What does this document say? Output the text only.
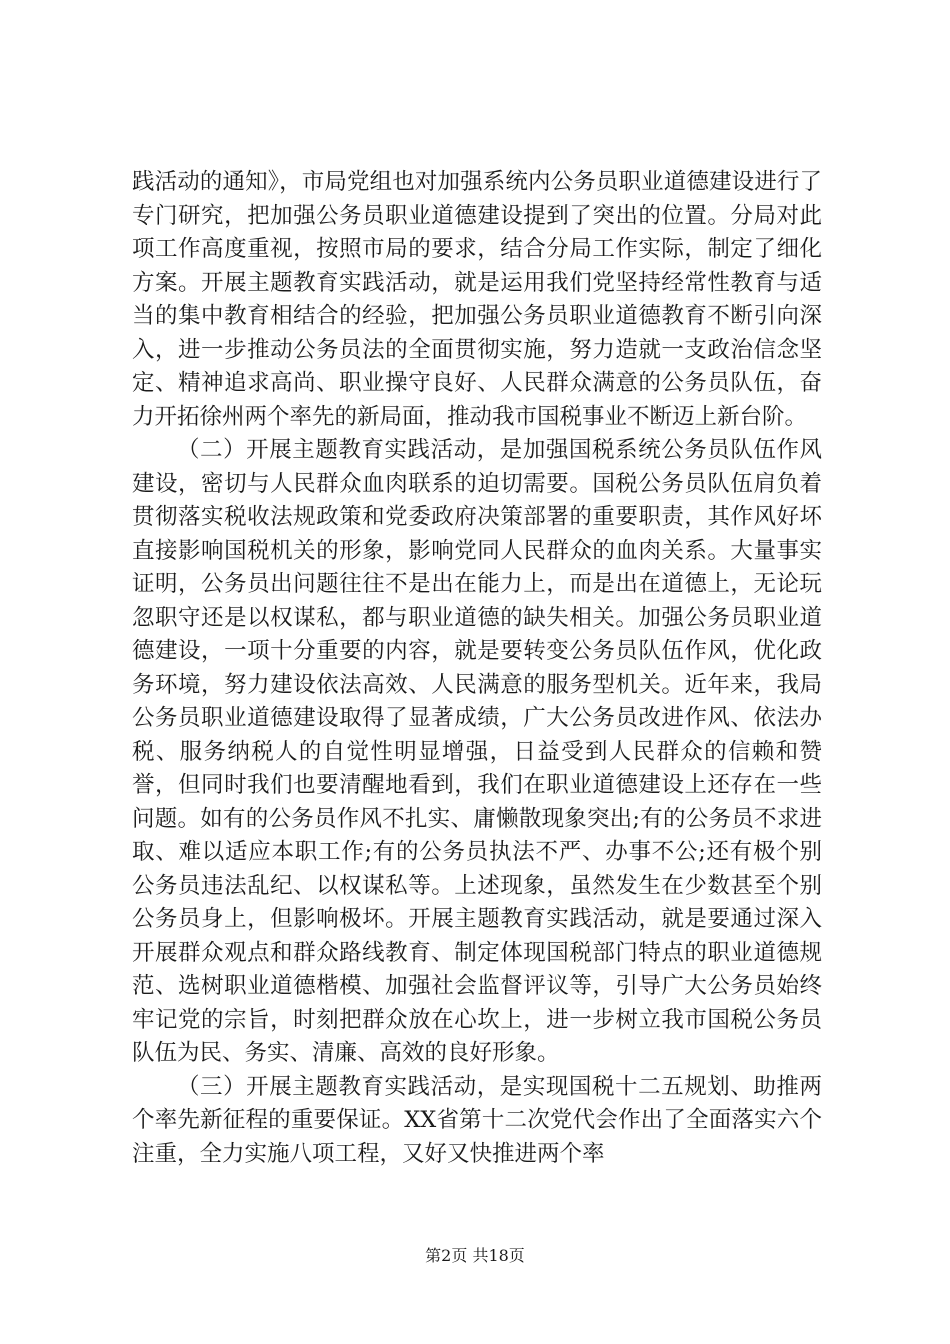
践活动的通知》，市局党组也对加强系统内公务员职业道德建设进行了专门研究，把加强公务员职业道德建设提到了突出的位置。分局对此项工作高度重视，按照市局的要求，结合分局工作实际，制定了细化方案。开展主题教育实践活动，就是运用我们党坚持经常性教育与适当的集中教育相结合的经验，把加强公务员职业道德教育不断引向深入，进一步推动公务员法的全面贯彻实施，努力造就一支政治信念坚定、精神追求高尚、职业操守良好、人民群众满意的公务员队伍，奋力开拓徐州两个率先的新局面，推动我市国税事业不断迈上新台阶。

（二）开展主题教育实践活动，是加强国税系统公务员队伍作风建设，密切与人民群众血肉联系的迫切需要。国税公务员队伍肩负着贯彻落实税收法规政策和党委政府决策部署的重要职责，其作风好坏直接影响国税机关的形象，影响党同人民群众的血肉关系。大量事实证明，公务员出问题往往不是出在能力上，而是出在道德上，无论玩忽职守还是以权谋私，都与职业道德的缺失相关。加强公务员职业道德建设，一项十分重要的内容，就是要转变公务员队伍作风，优化政务环境，努力建设依法高效、人民满意的服务型机关。近年来，我局公务员职业道德建设取得了显著成绩，广大公务员改进作风、依法办税、服务纳税人的自觉性明显增强，日益受到人民群众的信赖和赞誉，但同时我们也要清醒地看到，我们在职业道德建设上还存在一些问题。如有的公务员作风不扎实、庸懒散现象突出;有的公务员不求进取、难以适应本职工作;有的公务员执法不严、办事不公;还有极个别公务员违法乱纪、以权谋私等。上述现象，虽然发生在少数甚至个别公务员身上，但影响极坏。开展主题教育实践活动，就是要通过深入开展群众观点和群众路线教育、制定体现国税部门特点的职业道德规范、选树职业道德楷模、加强社会监督评议等，引导广大公务员始终牢记党的宗旨，时刻把群众放在心坎上，进一步树立我市国税公务员队伍为民、务实、清廉、高效的良好形象。

（三）开展主题教育实践活动，是实现国税十二五规划、助推两个率先新征程的重要保证。XX省第十二次党代会作出了全面落实六个注重，全力实施八项工程，又好又快推进两个率

第2页 共18页
